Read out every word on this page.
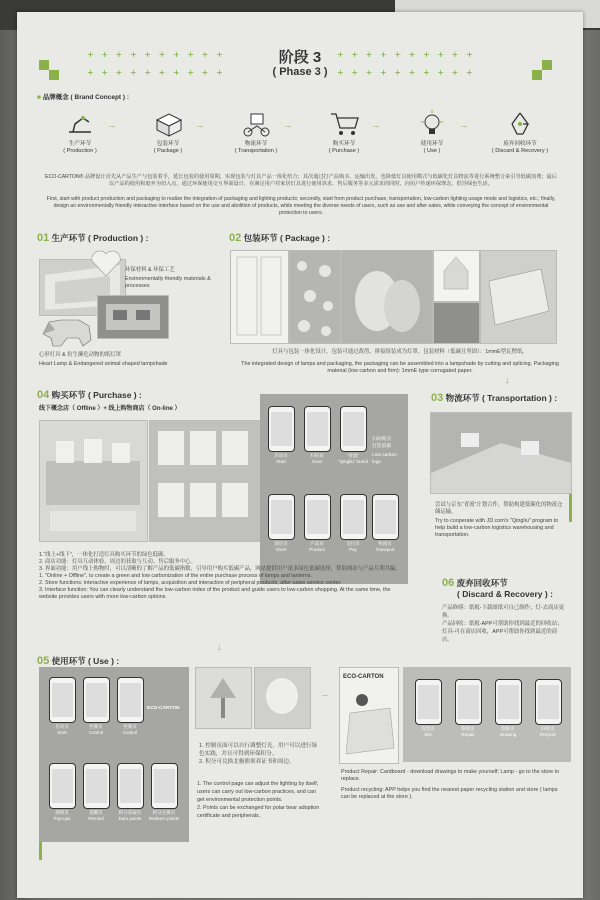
+   +   +   +   +   +   +   +   +   +
+   +   +   +   +   +   +   +   +   +
+   +   +   +   +   +   +   +   +   +
+   +   +   +   +   +   +   +   +   +
阶段 3
( Phase 3 )
■ 品牌概念 ( Brand Concept ) :
生产环节
( Production )
→
包装环节
( Package )
→
物流环节
( Transportation )
→
购买环节
( Purchase )
→
使用环节
( Use )
→
废弃回收环节
( Discard & Recovery )
ECO-CARTON® 品牌设计首先从产品生产与包装着手，延长包装的使用周期，实现包装与灯具产品一体化结合；其次通过打产品购买、运输出发，也降低灯具使用模式与低碳化灯具物流等进行系统整合来引导低碳消费；最后以产品的使用和废弃为切入点，通过环保使用交互界面设计，在满足用户对家居灯具进行使用诉求，售后服务等多元需求的同时，向用户传递环保理念，倡导绿色生活。
First, start with product production and packaging to realize the integration of packaging and lighting products; secondly, start from product purchase, transportation, low-carbon lighting usage mode and logistics, etc.; finally, design an environmentally friendly interactive interface based on the use and abolition of products, while meeting the diverse needs of users, such as use and after-sales, while conveying the concept of environmental protection to users.
01 生产环节 ( Production ) :
环保材料 & 环保工艺
Environmentally friendly materials & processes
心形灯具 & 仿生濒危动物的纸灯罩
Heart Lamp & Endangered animal shaped lampshade
02 包装环节 ( Package ) :
灯具与包装一体化设计，包装可通过裁剪、拼接组装成为灯罩。包装材料（低碳且坚固）：1mmE型瓦楞纸。
The integrated design of lamps and packaging, the packaging can be assembled into a lampshade by cutting and splicing. Packaging material (low carbon and firm): 1mmE type corrugated paper.
↓
04 购买环节 ( Purchase ) :
线下概念店（ Offline ）+ 线上购物商店（ On-line ）
启动页
Start
扫码页
Scan
"青流"
"Qingliu" brand
商店页
Store
产品页
Product
支付页
Pay
物流页
Transport
扫码购买
打造低碳
Low carbon logo
1.“线上+线下”，一体化打造灯具购买环节的绿色低碳。
2. 商店功能：灯具互动体验、周边的获取与互动、售后服务中心。
3. 界面功能：用户线上购物时，可以清晰的了解产品的低碳指数，引导用户购买低碳产品，网站提供用户更多绿色低碳选择，帮助网站与产品互利共赢。
1. "Online + Offline", to create a green and low carbonization of the entire purchase process of lamps and lanterns.
2. Store functions: interactive experience of lamps, acquisition and interaction of peripheral products, after-sales service center.
3. Interface function: You can clearly understand the low-carbon index of the product and guide users to low-carbon shopping. At the same time, the website provides users with more low-carbon options.
03 物流环节 ( Transportation ) :
尝试与京东“青流”计划合作，帮助构建低碳化的物流仓储运输。
Try to cooperate with JD.com's "Qingliu" program to help build a low-carbon logistics warehousing and transportation.
06 废弃回收环节
( Discard & Recovery ) :
产品修缮：纸板-下载图纸可自己制作；灯-去商店更换。
产品回收：纸板-APP可帮助你找到最近的回收站；灯具-可在商店回收，APP可帮助你找到最近的商店。
↓
05 使用环节 ( Use ) :
启动页
Start
控制页
Control
控制页
Control
弹窗页
Pop-ups
提醒页
Remind
积分获取页
Earn points
积分兑换页
Redeem points
ECO-CARTON
→
1. 控制页面可以自行调整灯光，用户可以进行绿色实践，并且可得到环保积分。
2. 积分可兑换北极熊领养证书和周边。
1. The control page can adjust the lighting by itself, users can carry out low-carbon practices, and can get environmental protection points.
2. Points can be exchanged for polar bear adoption certificate and peripherals.
ECO-CARTON
设置页
Site
修缮页
Repair
图纸页
Drawing
回收页
Recycle
Product Repair: Cardboard - download drawings to make yourself; Lamp - go to the store to replace.
Product recycling: APP helps you find the nearest paper recycling station and store ( lamps can be replaced at the store ).
